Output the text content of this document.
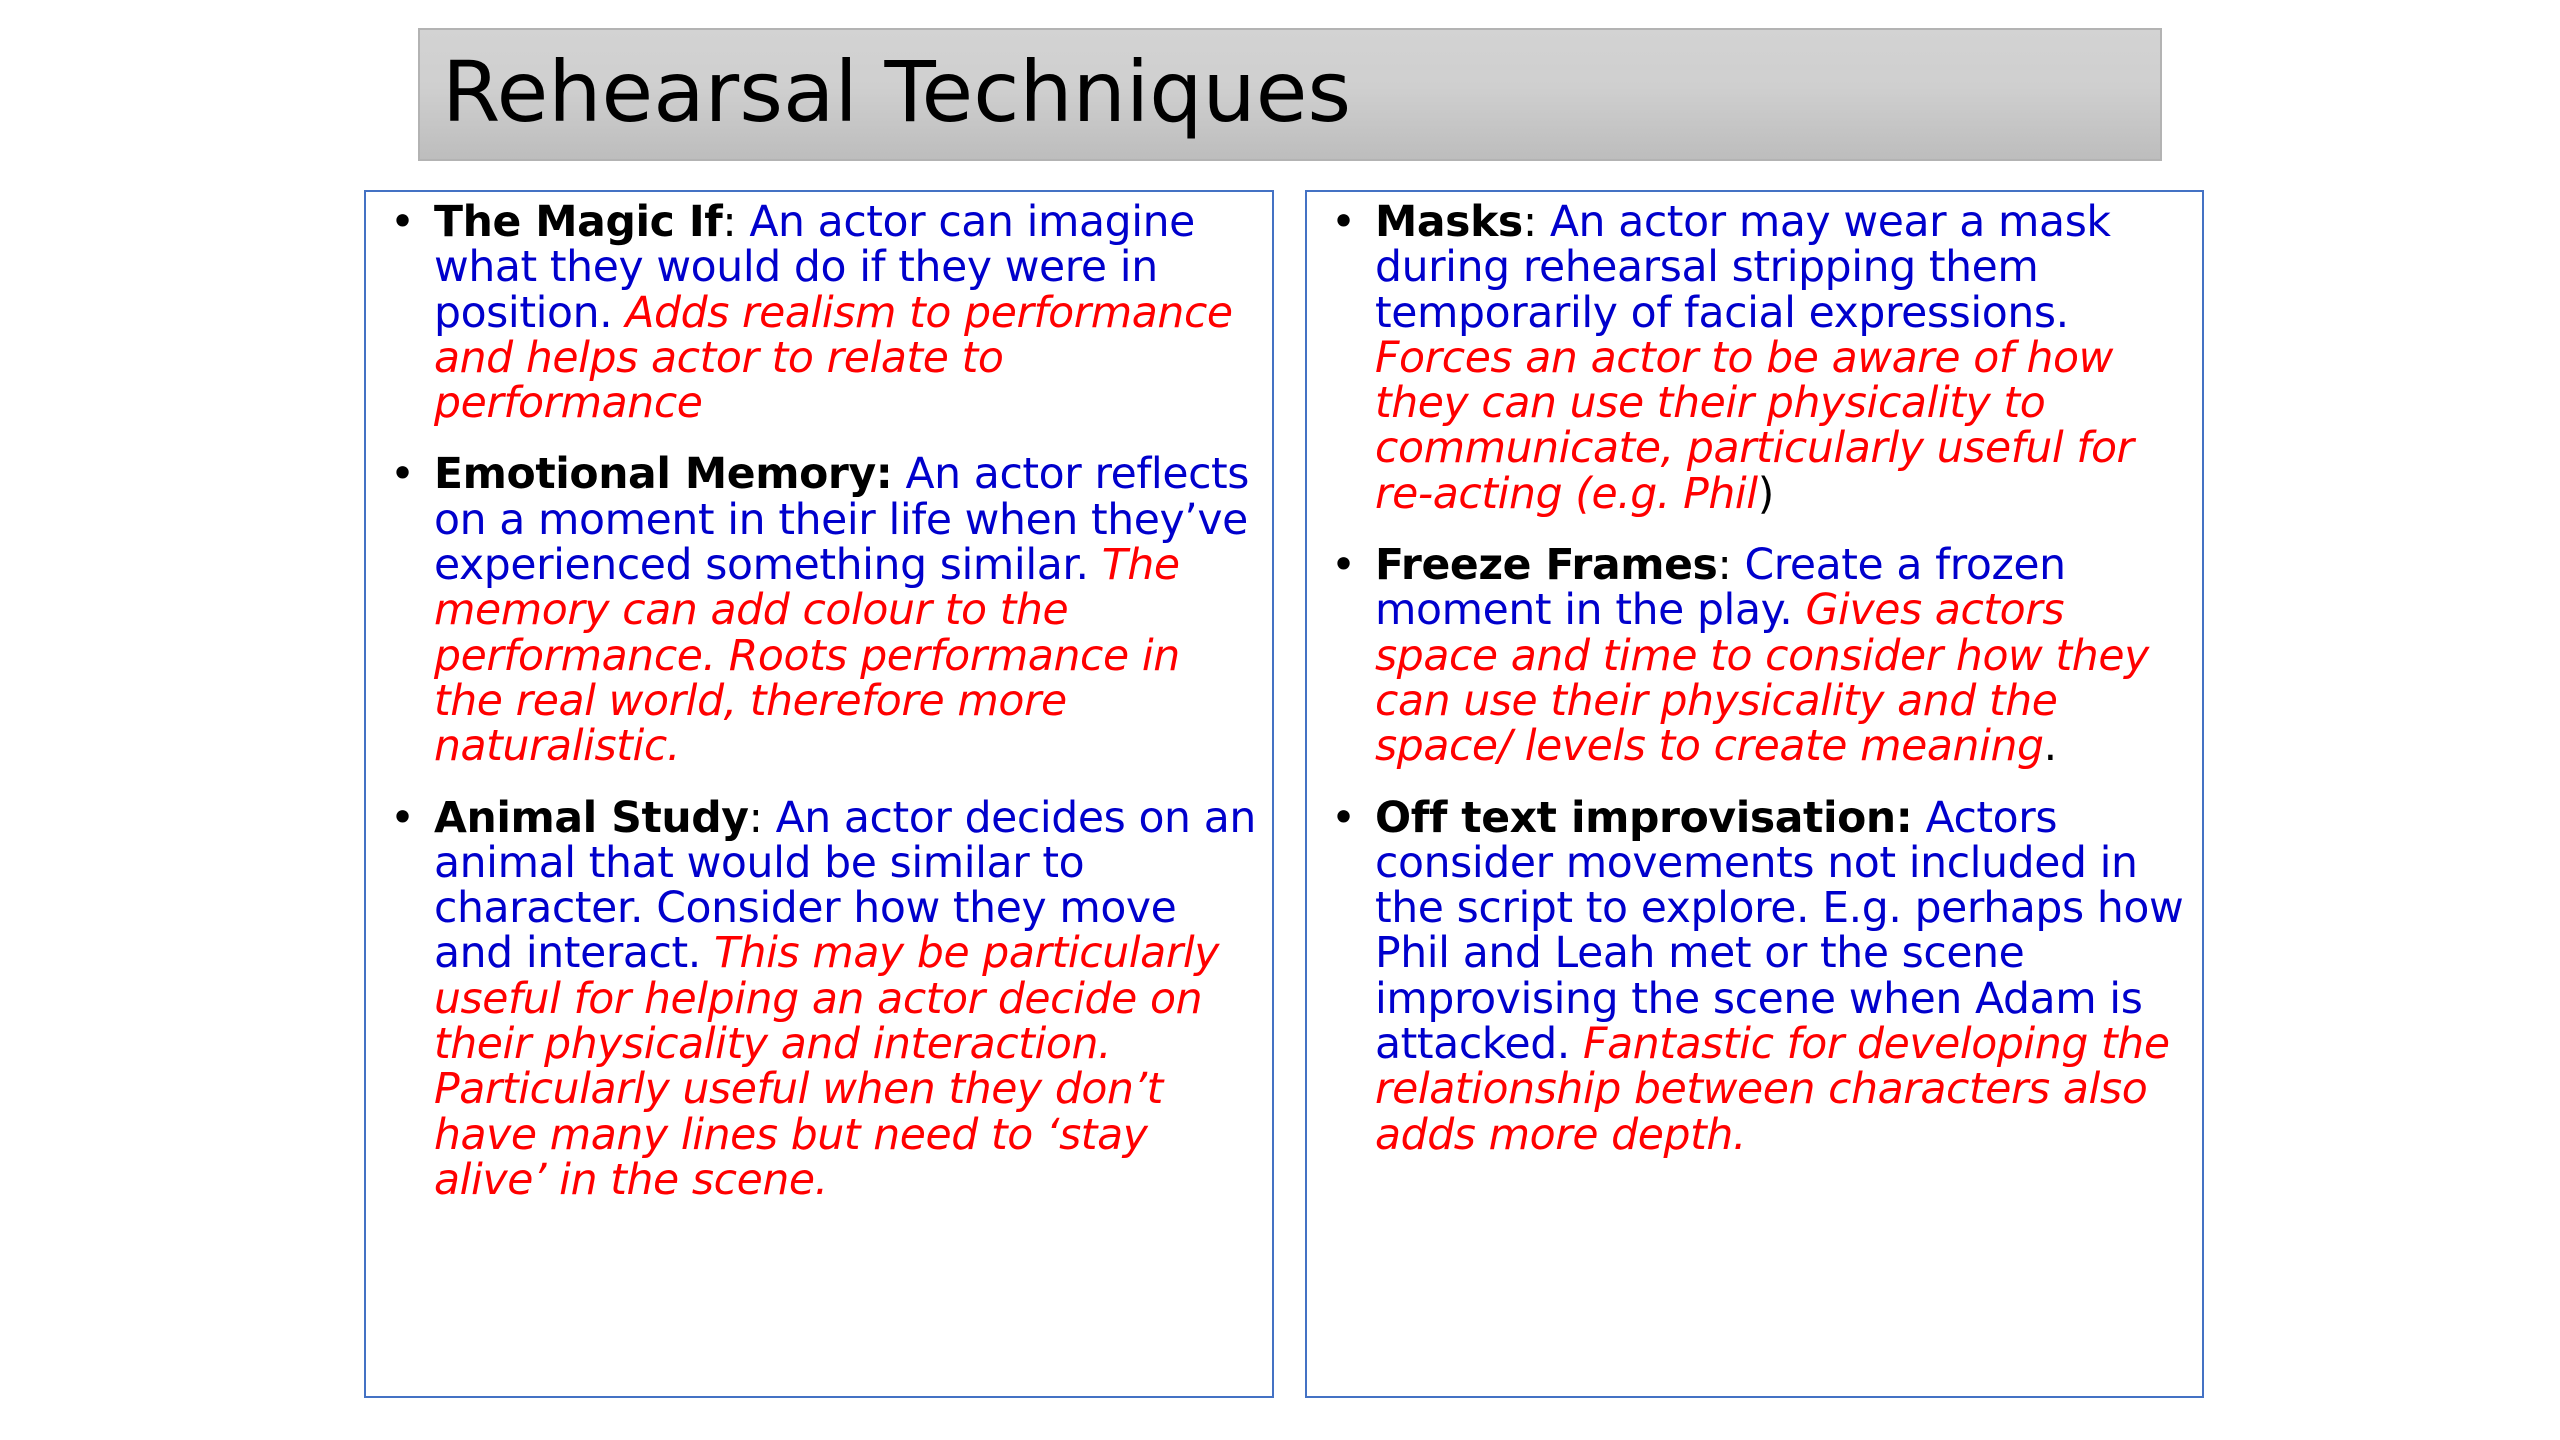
Rehearsal Techniques
• The Magic If: An actor can imagine what they would do if they were in position. Adds realism to performance and helps actor to relate to performance
• Emotional Memory: An actor reflects on a moment in their life when they’ve experienced something similar. The memory can add colour to the performance. Roots performance in the real world, therefore more naturalistic.
• Animal Study: An actor decides on an animal that would be similar to character. Consider how they move and interact. This may be particularly useful for helping an actor decide on their physicality and interaction. Particularly useful when they don’t have many lines but need to ‘stay alive’ in the scene.
• Masks: An actor may wear a mask during rehearsal stripping them temporarily of facial expressions. Forces an actor to be aware of how they can use their physicality to communicate, particularly useful for re-acting (e.g. Phil)
• Freeze Frames: Create a frozen moment in the play. Gives actors space and time to consider how they can use their physicality and the space/ levels to create meaning.
• Off text improvisation: Actors consider movements not included in the script to explore. E.g. perhaps how Phil and Leah met or the scene improvising the scene when Adam is attacked. Fantastic for developing the relationship between characters also adds more depth.
